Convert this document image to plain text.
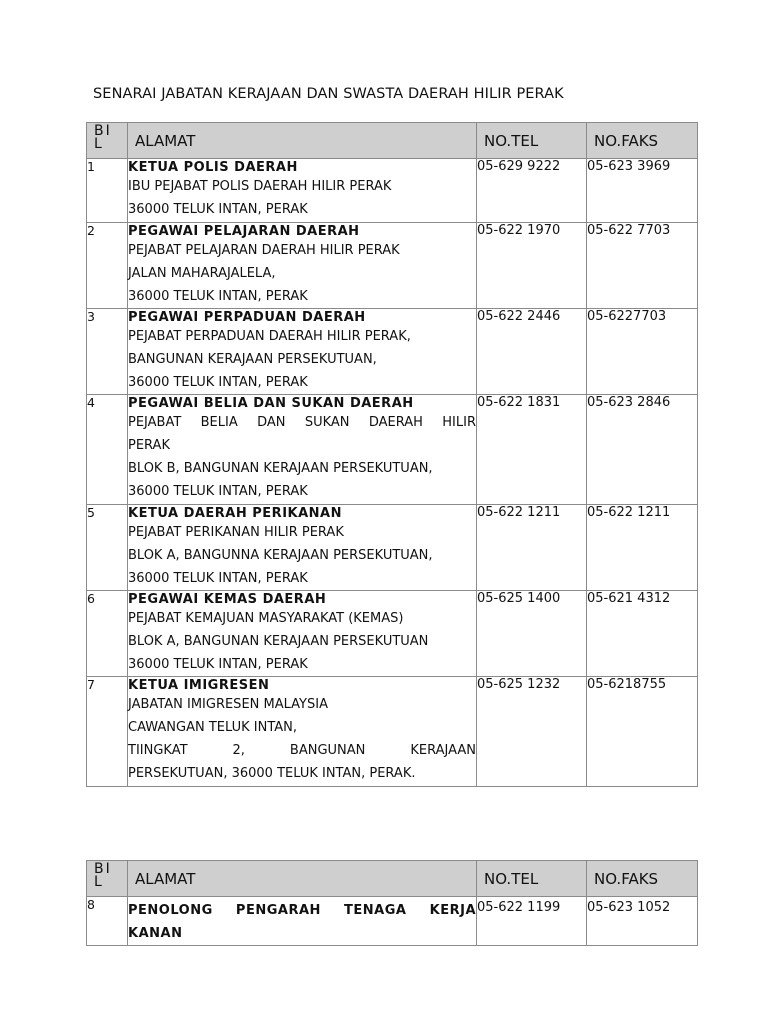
SENARAI JABATAN KERAJAAN DAN SWASTA DAERAH HILIR PERAK
BI
L	ALAMAT	NO.TEL	NO.FAKS
1	KETUA POLIS DAERAH
IBU PEJABAT POLIS DAERAH HILIR PERAK
36000 TELUK INTAN, PERAK	05-629 9222	05-623 3969
2	PEGAWAI PELAJARAN DAERAH
PEJABAT PELAJARAN DAERAH HILIR PERAK
JALAN MAHARAJALELA,
36000 TELUK INTAN, PERAK	05-622 1970	05-622 7703
3	PEGAWAI PERPADUAN DAERAH
PEJABAT PERPADUAN DAERAH HILIR PERAK,
BANGUNAN KERAJAAN PERSEKUTUAN,
36000 TELUK INTAN, PERAK	05-622 2446	05-6227703
4	PEGAWAI BELIA DAN SUKAN DAERAH
PEJABAT BELIA DAN SUKAN DAERAH HILIR
PERAK
BLOK B, BANGUNAN KERAJAAN PERSEKUTUAN,
36000 TELUK INTAN, PERAK	05-622 1831	05-623 2846
5	KETUA DAERAH PERIKANAN
PEJABAT PERIKANAN HILIR PERAK
BLOK A, BANGUNNA KERAJAAN PERSEKUTUAN,
36000 TELUK INTAN, PERAK	05-622 1211	05-622 1211
6	PEGAWAI KEMAS DAERAH
PEJABAT KEMAJUAN MASYARAKAT (KEMAS)
BLOK A, BANGUNAN KERAJAAN PERSEKUTUAN
36000 TELUK INTAN, PERAK	05-625 1400	05-621 4312
7	KETUA IMIGRESEN
JABATAN IMIGRESEN MALAYSIA
CAWANGAN TELUK INTAN,
TIINGKAT 2, BANGUNAN KERAJAAN
PERSEKUTUAN, 36000 TELUK INTAN, PERAK.	05-625 1232	05-6218755
BI
L	ALAMAT	NO.TEL	NO.FAKS
8	PENOLONG PENGARAH TENAGA KERJA
KANAN	05-622 1199	05-623 1052
